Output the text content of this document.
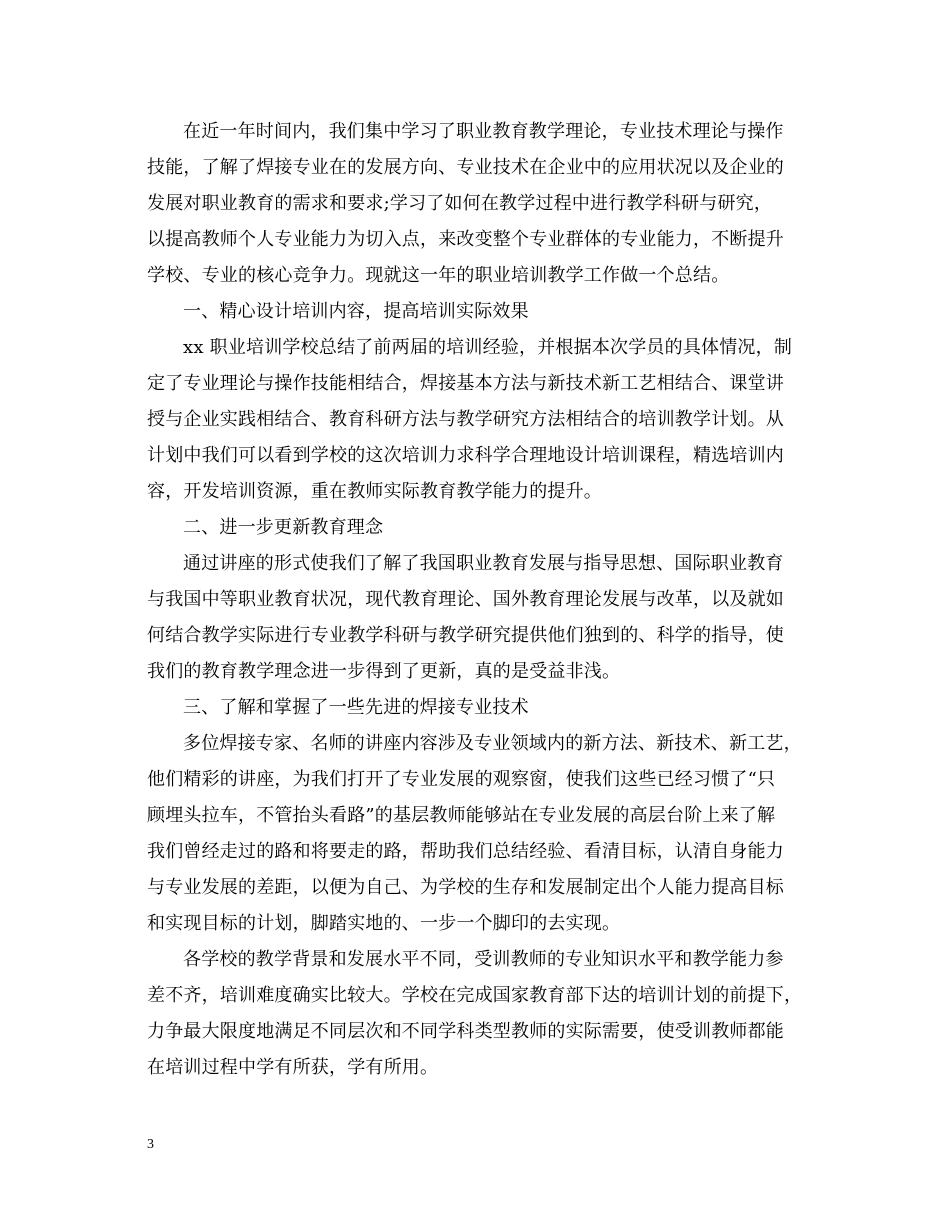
在近一年时间内，我们集中学习了职业教育教学理论，专业技术理论与操作
技能，了解了焊接专业在的发展方向、专业技术在企业中的应用状况以及企业的
发展对职业教育的需求和要求;学习了如何在教学过程中进行教学科研与研究，
以提高教师个人专业能力为切入点，来改变整个专业群体的专业能力，不断提升
学校、专业的核心竞争力。现就这一年的职业培训教学工作做一个总结。
一、精心设计培训内容，提高培训实际效果
xx 职业培训学校总结了前两届的培训经验，并根据本次学员的具体情况，制
定了专业理论与操作技能相结合，焊接基本方法与新技术新工艺相结合、课堂讲
授与企业实践相结合、教育科研方法与教学研究方法相结合的培训教学计划。从
计划中我们可以看到学校的这次培训力求科学合理地设计培训课程，精选培训内
容，开发培训资源，重在教师实际教育教学能力的提升。
二、进一步更新教育理念
通过讲座的形式使我们了解了我国职业教育发展与指导思想、国际职业教育
与我国中等职业教育状况，现代教育理论、国外教育理论发展与改革，以及就如
何结合教学实际进行专业教学科研与教学研究提供他们独到的、科学的指导，使
我们的教育教学理念进一步得到了更新，真的是受益非浅。
三、了解和掌握了一些先进的焊接专业技术
多位焊接专家、名师的讲座内容涉及专业领域内的新方法、新技术、新工艺，
他们精彩的讲座，为我们打开了专业发展的观察窗，使我们这些已经习惯了“只
顾埋头拉车，不管抬头看路”的基层教师能够站在专业发展的高层台阶上来了解
我们曾经走过的路和将要走的路，帮助我们总结经验、看清目标，认清自身能力
与专业发展的差距，以便为自己、为学校的生存和发展制定出个人能力提高目标
和实现目标的计划，脚踏实地的、一步一个脚印的去实现。
各学校的教学背景和发展水平不同，受训教师的专业知识水平和教学能力参
差不齐，培训难度确实比较大。学校在完成国家教育部下达的培训计划的前提下，
力争最大限度地满足不同层次和不同学科类型教师的实际需要，使受训教师都能
在培训过程中学有所获，学有所用。
3
